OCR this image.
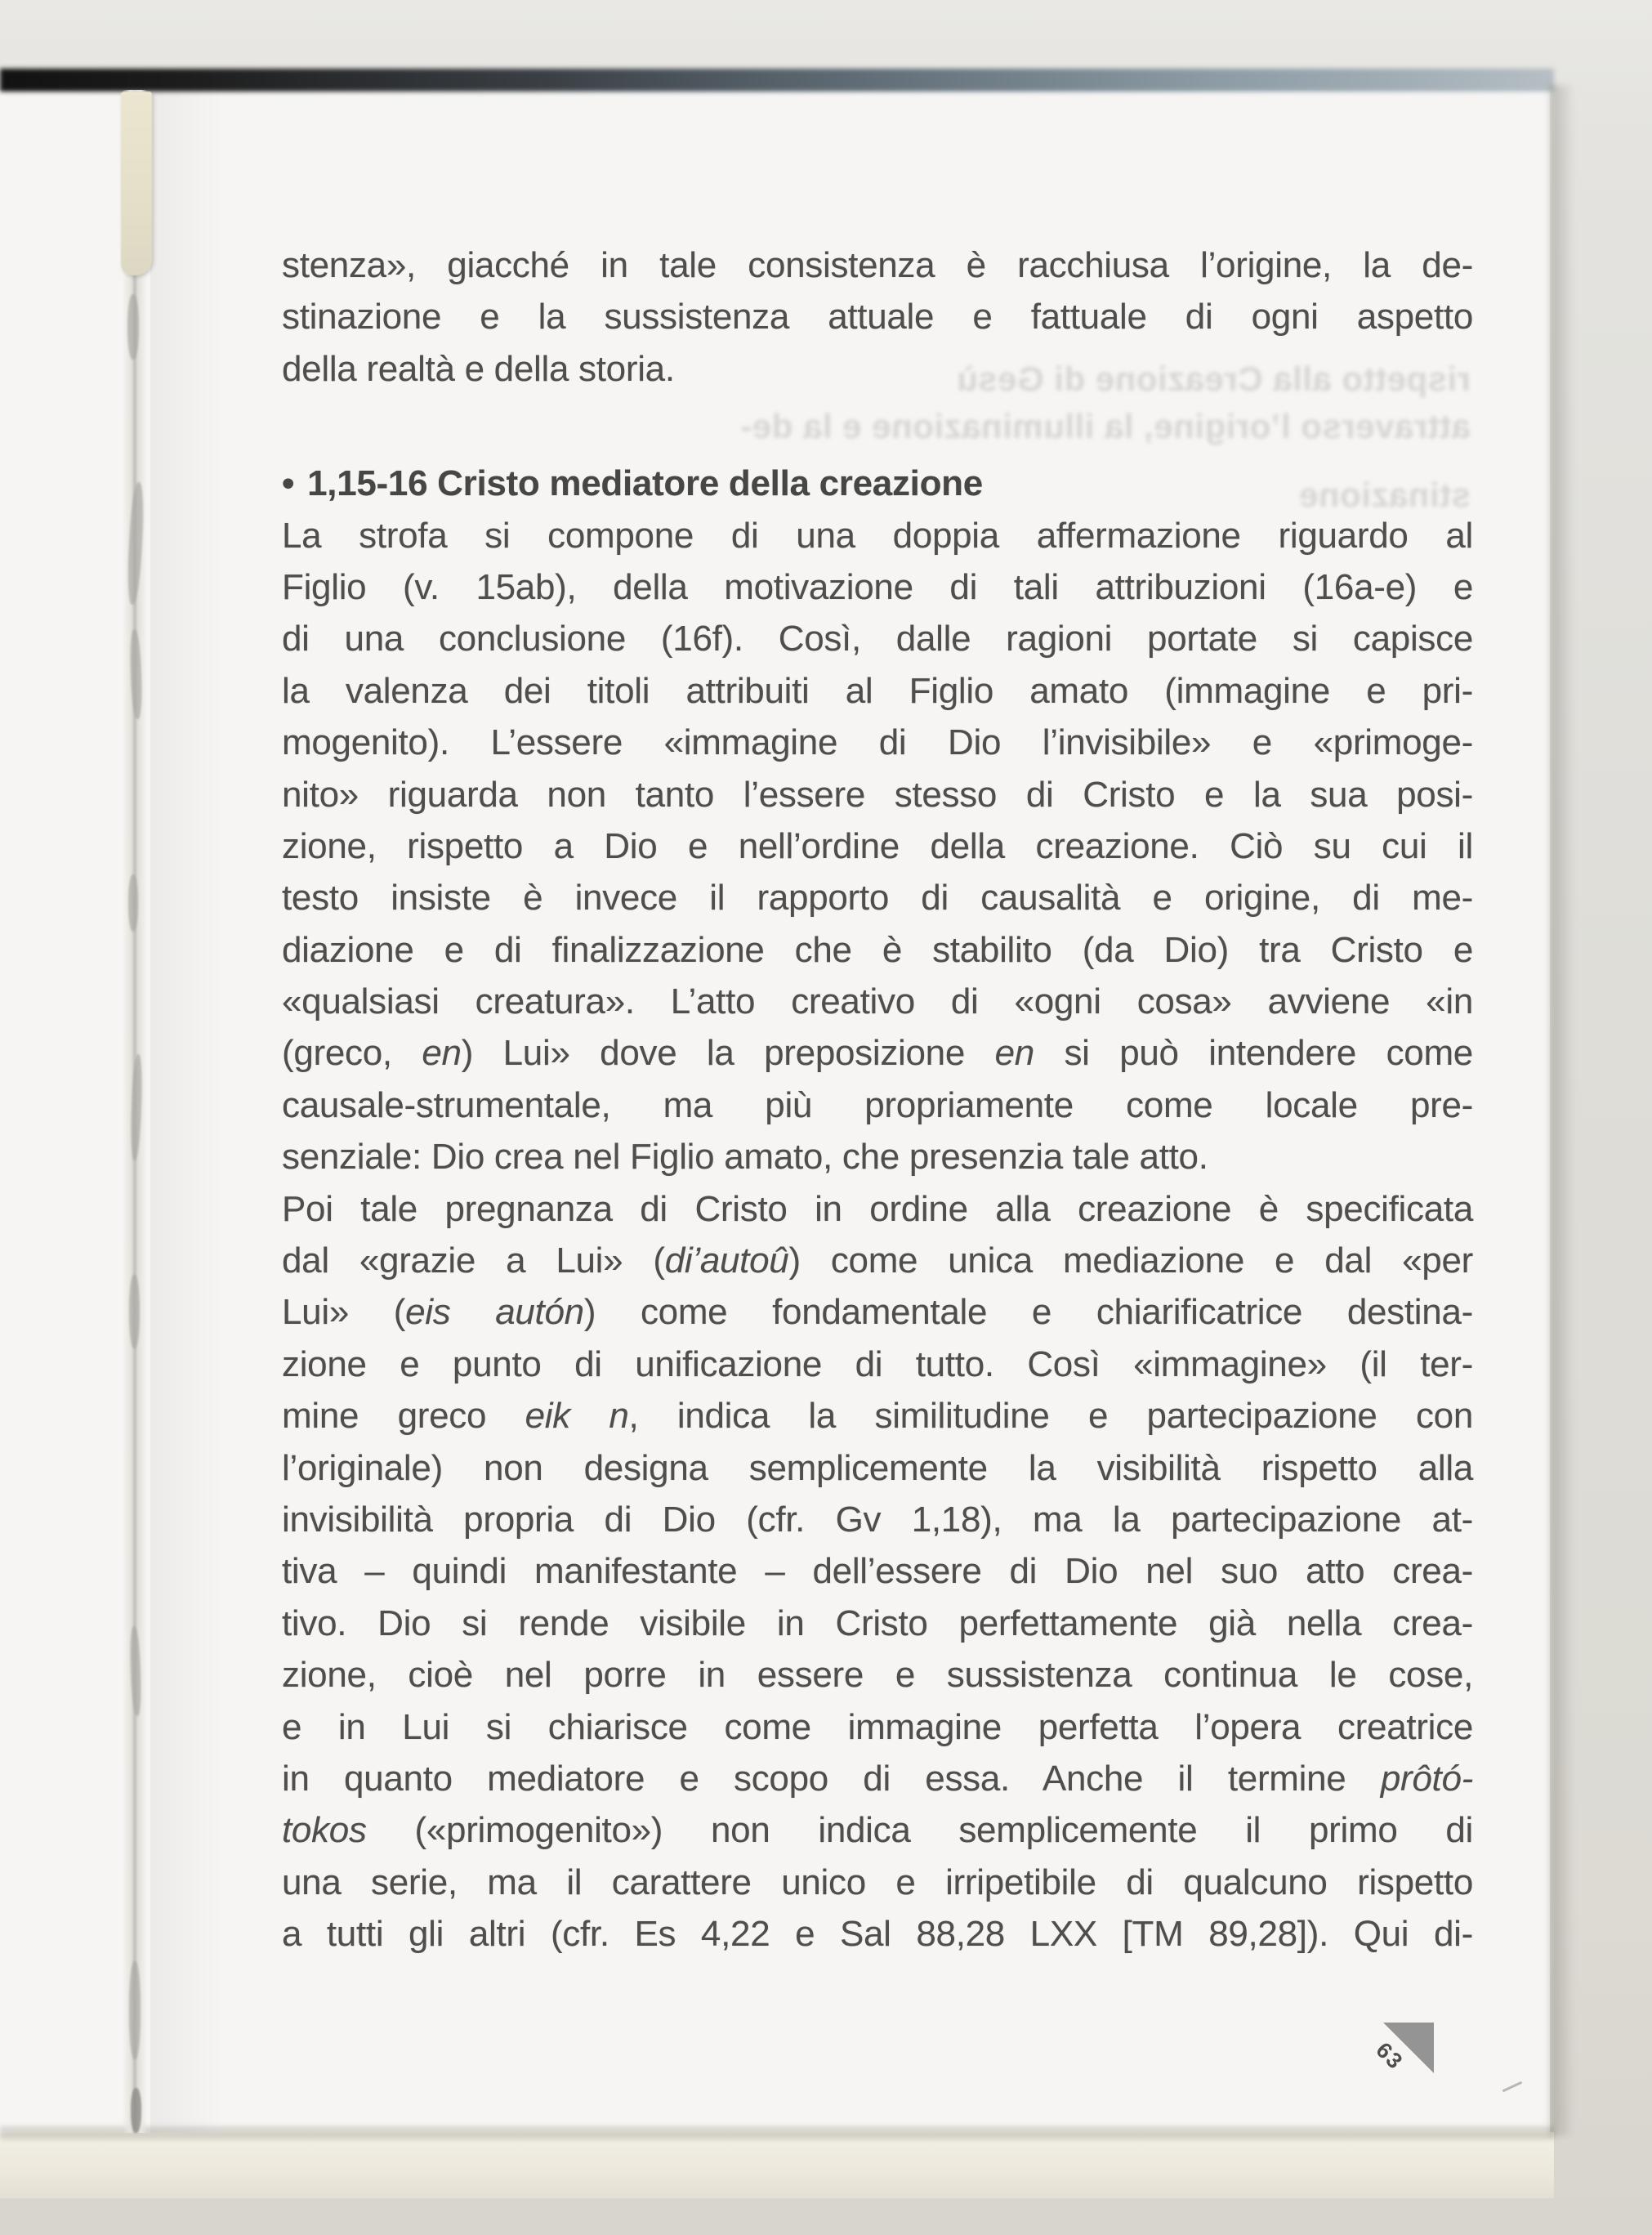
rispetto alla Creazione di Gesù
attraverso l’origine, la illuminazione e la de-
stinazione
stenza», giacché in tale consistenza è racchiusa l’origine, la de-
stinazione e la sussistenza attuale e fattuale di ogni aspetto
della realtà e della storia.
• 1,15-16 Cristo mediatore della creazione
La strofa si compone di una doppia affermazione riguardo al
Figlio (v. 15ab), della motivazione di tali attribuzioni (16a-e) e
di una conclusione (16f). Così, dalle ragioni portate si capisce
la valenza dei titoli attribuiti al Figlio amato (immagine e pri-
mogenito). L’essere «immagine di Dio l’invisibile» e «primoge-
nito» riguarda non tanto l’essere stesso di Cristo e la sua posi-
zione, rispetto a Dio e nell’ordine della creazione. Ciò su cui il
testo insiste è invece il rapporto di causalità e origine, di me-
diazione e di finalizzazione che è stabilito (da Dio) tra Cristo e
«qualsiasi creatura». L’atto creativo di «ogni cosa» avviene «in
(greco, en) Lui» dove la preposizione en si può intendere come
causale-strumentale, ma più propriamente come locale pre-
senziale: Dio crea nel Figlio amato, che presenzia tale atto.
Poi tale pregnanza di Cristo in ordine alla creazione è specificata
dal «grazie a Lui» (di’autoû) come unica mediazione e dal «per
Lui» (eis autón) come fondamentale e chiarificatrice destina-
zione e punto di unificazione di tutto. Così «immagine» (il ter-
mine greco eik n, indica la similitudine e partecipazione con
l’originale) non designa semplicemente la visibilità rispetto alla
invisibilità propria di Dio (cfr. Gv 1,18), ma la partecipazione at-
tiva – quindi manifestante – dell’essere di Dio nel suo atto crea-
tivo. Dio si rende visibile in Cristo perfettamente già nella crea-
zione, cioè nel porre in essere e sussistenza continua le cose,
e in Lui si chiarisce come immagine perfetta l’opera creatrice
in quanto mediatore e scopo di essa. Anche il termine prôtó-
tokos («primogenito») non indica semplicemente il primo di
una serie, ma il carattere unico e irripetibile di qualcuno rispetto
a tutti gli altri (cfr. Es 4,22 e Sal 88,28 LXX [TM 89,28]). Qui di-
63
